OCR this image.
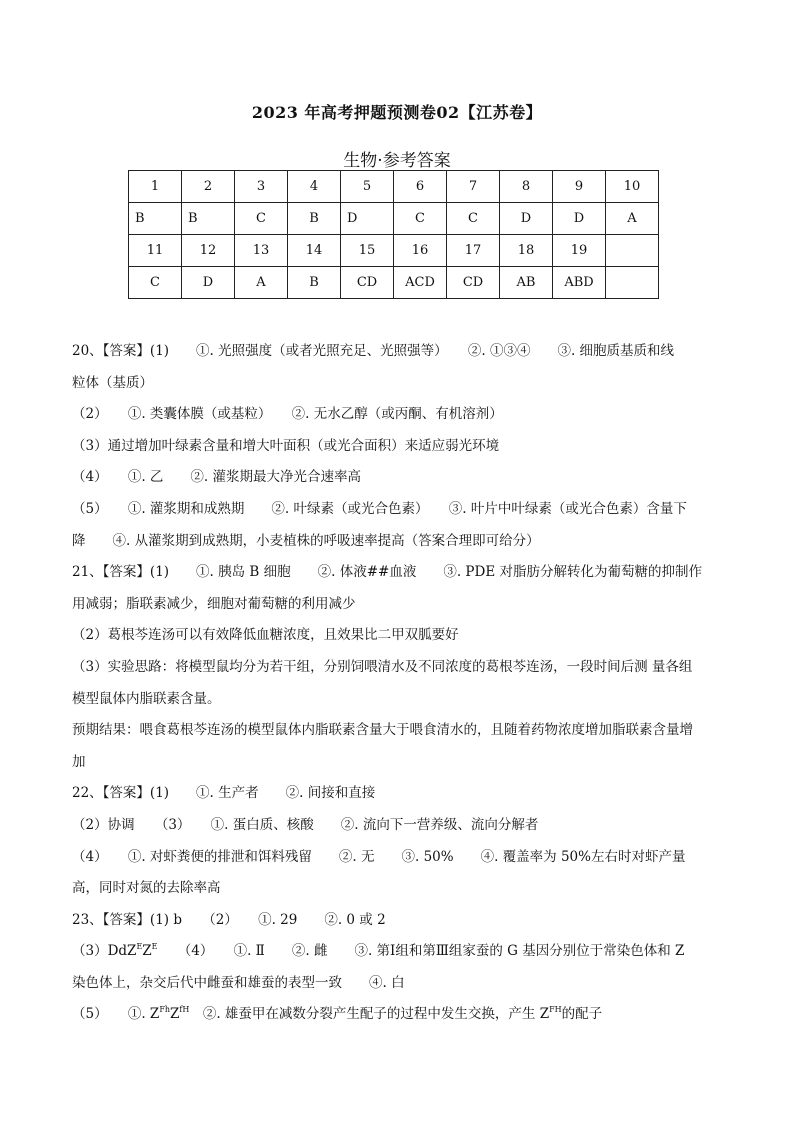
2023 年高考押题预测卷02【江苏卷】
生物·参考答案
1	2	3	4	5	6	7	8	9	10
B	B	C	B	D	C	C	D	D	A
11	12	13	14	15	16	17	18	19	
C	D	A	B	CD	ACD	CD	AB	ABD	

20、【答案】(1)　　①. 光照强度（或者光照充足、光照强等）　　②. ①③④　　③. 细胞质基质和线

粒体（基质）

（2）　　①. 类囊体膜（或基粒）　　②. 无水乙醇（或丙酮、有机溶剂）

（3）通过增加叶绿素含量和增大叶面积（或光合面积）来适应弱光环境

（4）　　①. 乙　　②. 灌浆期最大净光合速率高

（5）　　①. 灌浆期和成熟期　　②. 叶绿素（或光合色素）　　③. 叶片中叶绿素（或光合色素）含量下

降　　④. 从灌浆期到成熟期，小麦植株的呼吸速率提高（答案合理即可给分）

21、【答案】(1)　　①. 胰岛 B 细胞　　②. 体液##血液　　③. PDE 对脂肪分解转化为葡萄糖的抑制作

用减弱；脂联素减少，细胞对葡萄糖的利用减少

（2）葛根芩连汤可以有效降低血糖浓度，且效果比二甲双胍要好

（3）实验思路：将模型鼠均分为若干组，分别饲喂清水及不同浓度的葛根芩连汤，一段时间后测 量各组

模型鼠体内脂联素含量。

预期结果：喂食葛根芩连汤的模型鼠体内脂联素含量大于喂食清水的，且随着药物浓度增加脂联素含量增

加

22、【答案】(1)　　①. 生产者　　②. 间接和直接

（2）协调　　（3）　　①. 蛋白质、核酸　　②. 流向下一营养级、流向分解者

（4）　　①. 对虾粪便的排泄和饵料残留　　②. 无　　③. 50%　　④. 覆盖率为 50%左右时对虾产量

高，同时对氮的去除率高

23、【答案】(1) b　　（2）　　①. 29　　②. 0 或 2

$(3)DdZ^EZ^E$　　（4）　　①. Ⅱ　　②. 雌　　③. 第Ⅰ组和第Ⅲ组家蚕的 G 基因分别位于常染色体和 Z

染色体上，杂交后代中雌蚕和雄蚕的表型一致　　④. 白

（5）　　①. $Z^{Fh}Z^{fH}$　②. 雄蚕甲在减数分裂产生配子的过程中发生交换，产生 $Z^{FH}$的配子
